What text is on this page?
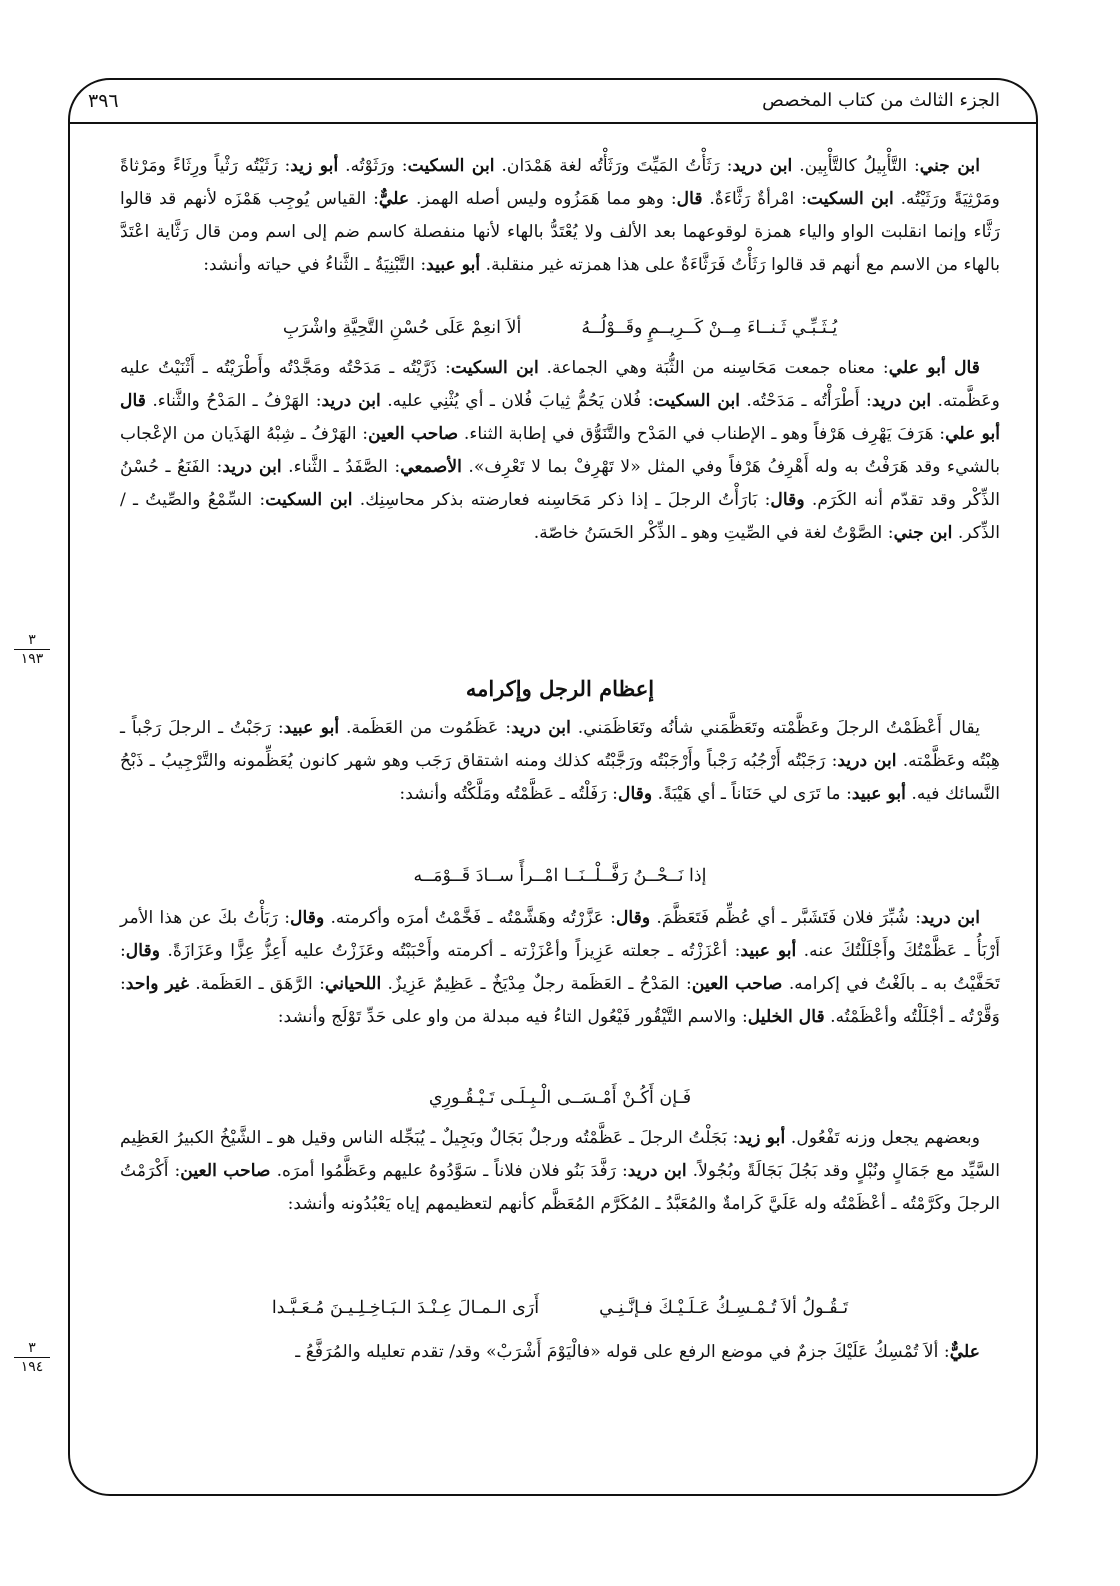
الجزء الثالث من كتاب المخصص
٣٩٦

ابن جني: التَّأْبِيلُ كالتَّأْبِين. ابن دريد: رَثَأْتُ المَيِّتَ ورَثَأْتُه لغة هَمْدَان. ابن السكيت: ورَثَوْتُه. أبو زيد: رَثَيْتُه رَثْياً ورِثَاءً ومَرْثاةً ومَرْثِيَةً ورَثَيْتُه. ابن السكيت: امْرأةٌ رَثَّاءَةٌ. قال: وهو مما هَمَزُوه وليس أصله الهمز. عليٌّ: القياس يُوجِب هَمْزَه لأنهم قد قالوا رَثَّاء وإنما انقلبت الواو والياء همزة لوقوعهما بعد الألف ولا يُعْتَدُّ بالهاء لأنها منفصلة كاسم ضم إلى اسم ومن قال رَثَّاية اعْتَدَّ بالهاء من الاسم مع أنهم قد قالوا رَثَأْتُ فَرَثَّاءَةٌ على هذا همزته غير منقلبة. أبو عبيد: التَّبْنِيَةُ ـ الثَّناءُ في حياته وأنشد:

يُـثَـبِّـي ثَـنــاءَ مِــنْ كَــرِيــمٍ وقَــوْلُــهُ
ألاَ انعِمْ عَلَى حُسْنِ التَّحِيَّةِ واشْرَبِ

قال أبو علي: معناه جمعت مَحَاسِنه من الثُّبَة وهي الجماعة. ابن السكيت: ذَرَّيْتُه ـ مَدَحْتُه ومَجَّدْتُه وأَطْرَيْتُه ـ أَثْنَيْتُ عليه وعَظَّمته. ابن دريد: أَطْرَأْتُه ـ مَدَحْتُه. ابن السكيت: فُلان يَحُمُّ ثِيابَ فُلان ـ أي يُثْنِي عليه. ابن دريد: الهَرْفُ ـ المَدْحُ والثَّناء. قال أبو علي: هَرَفَ يَهْرِف هَرْفاً وهو ـ الإطناب في المَدْح والتَّنَوُّق في إطابة الثناء. صاحب العين: الهَرْفُ ـ شِبْهُ الهَذَيان من الإعْجاب بالشيء وقد هَرَفْتُ به وله أَهْرِفُ هَرْفاً وفي المثل «لا تَهْرِفْ بما لا تَعْرِف». الأصمعي: الصَّفَدُ ـ الثَّناء. ابن دريد: الفَنَعُ ـ حُسْنُ الذِّكْر وقد تقدّم أنه الكَرَم. وقال: بَارَأْتُ الرجلَ ـ إذا ذكر مَحَاسِنه فعارضته بذكر محاسِنِك. ابن السكيت: السِّمْعُ والصِّيتُ ـ /الذِّكر. ابن جني: الصَّوْتُ لغة في الصِّيتِ وهو ـ الذِّكْر الحَسَنُ خاصّة.

٣
١٩٣
إعظام الرجل وإكرامه

يقال أَعْظَمْتُ الرجلَ وعَظَّمْته وتَعَظَّمَني شأنُه وتَعَاظَمَني. ابن دريد: عَظَمُوت من العَظَمة. أبو عبيد: رَجَبْتُ ـ الرجلَ رَجْباً ـ هِبْتُه وعَظَّمْته. ابن دريد: رَجَبْتُه أَرْجُبُه رَجْباً وأَرْجَبْتُه ورَجَّبْتُه كذلك ومنه اشتقاق رَجَب وهو شهر كانون يُعَظِّمونه والتَّرْجِيبُ ـ ذَبْحُ النَّسائك فيه. أبو عبيد: ما تَرَى لي حَنَاناً ـ أي هَيْبَةً. وقال: رَفَلْتُه ـ عَظَّمْتُه ومَلَّكْتُه وأنشد:

إذا نَــحْــنُ رَفَّــلْــنَــا امْــرأً ســادَ قَــوْمَــه

ابن دريد: شُبِّرَ فلان فَتَشَبَّر ـ أي عُظِّم فَتَعَظَّمَ. وقال: عَزَّرْتُه وهَشَّمْتُه ـ فَخَّمْتُ أمرَه وأكرمته. وقال: رَبَأْتُ بكَ عن هذا الأمر أَرْبَأُ ـ عَظَّمْتُكَ وأَجْلَلْتُكَ عنه. أبو عبيد: أعْزَزْتُه ـ جعلته عَزِيزاً وأعْزَزْته ـ أكرمته وأَحْبَبْتُه وعَزَزْتُ عليه أَعِزُّ عِزًّا وعَزَازَةً. وقال: تَحَفَّيْتُ به ـ بالَغْتُ في إكرامه. صاحب العين: المَدْحُ ـ العَظَمة رجلٌ مِدْيَخٌ ـ عَظِيمٌ عَزِيزٌ. اللحياني: الرَّهَق ـ العَظَمة. غير واحد: وَقَّرْتُه ـ أجْلَلْتُه وأعْظَمْتُه. قال الخليل: والاسم التَّيْقُور فَيْعُول التاءُ فيه مبدلة من واو على حَدِّ تَوْلَج وأنشد:

فَـإن أَكُـنْ أَمْـسَــى الْـبِـلَـى تَـيْـقُـورِي

وبعضهم يجعل وزنه تَفْعُول. أبو زيد: بَجَلْتُ الرجلَ ـ عَظَّمْتُه ورجلٌ بَجَالٌ وبَجِيلٌ ـ يُبَجِّله الناس وقيل هو ـ الشَّيْخُ الكبيرُ العَظِيم السَّيِّد مع جَمَالٍ ونُبْلٍ وقد بَجُلَ بَجَالَةً وبُجُولاً. ابن دريد: رَفَّدَ بَنُو فلان فلاناً ـ سَوَّدُوهُ عليهم وعَظَّمُوا أمرَه. صاحب العين: أَكْرَمْتُ الرجلَ وكَرَّمْتُه ـ أعْظَمْتُه وله عَلَيَّ كَرامةٌ والمُعَبَّدُ ـ المُكَرَّم المُعَظَّم كأنهم لتعظيمهم إياه يَعْبُدُونه وأنشد:

تَـقُـولُ ألاَ تُـمْـسِـكُ عَـلَـيْـكَ فـإنَّـنِـي
أَرَى الـمـالَ عِـنْـدَ الـبَـاخِـلِـيـنَ مُـعَـبَّـدا

عليٌّ: ألاَ تُمْسِكُ عَلَيْكَ جزمٌ في موضع الرفع على قوله «فالْيَوْمَ أَشْرَبْ» وقد/ تقدم تعليله والمُرَفَّعُ ـ

٣
١٩٤
